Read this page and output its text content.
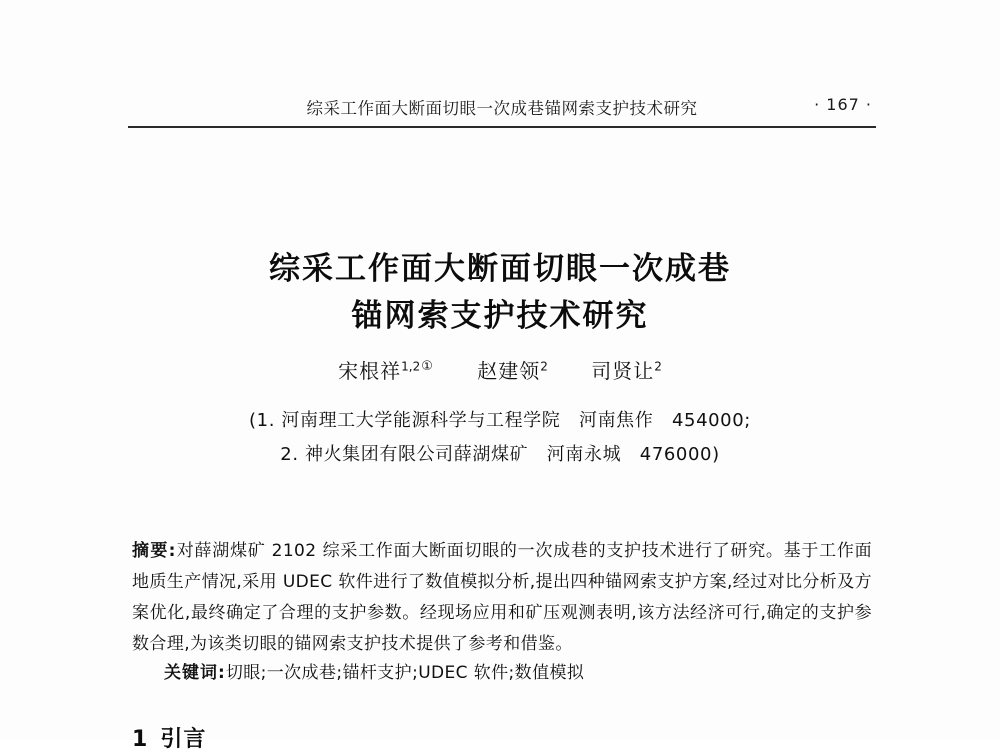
综采工作面大断面切眼一次成巷锚网索支护技术研究	· 167 ·
综采工作面大断面切眼一次成巷
锚网索支护技术研究
宋根祥$^{1,2①}$ 赵建领$^2$ 司贤让$^2$
(1. 河南理工大学能源科学与工程学院　河南焦作　454000;
2. 神火集团有限公司薛湖煤矿　河南永城　476000)
摘要:对薛湖煤矿 2102 综采工作面大断面切眼的一次成巷的支护技术进行了研究。基于工作面地质生产情况,采用 UDEC 软件进行了数值模拟分析,提出四种锚网索支护方案,经过对比分析及方案优化,最终确定了合理的支护参数。经现场应用和矿压观测表明,该方法经济可行,确定的支护参数合理,为该类切眼的锚网索支护技术提供了参考和借鉴。
关键词:切眼;一次成巷;锚杆支护;UDEC 软件;数值模拟
1 引言
